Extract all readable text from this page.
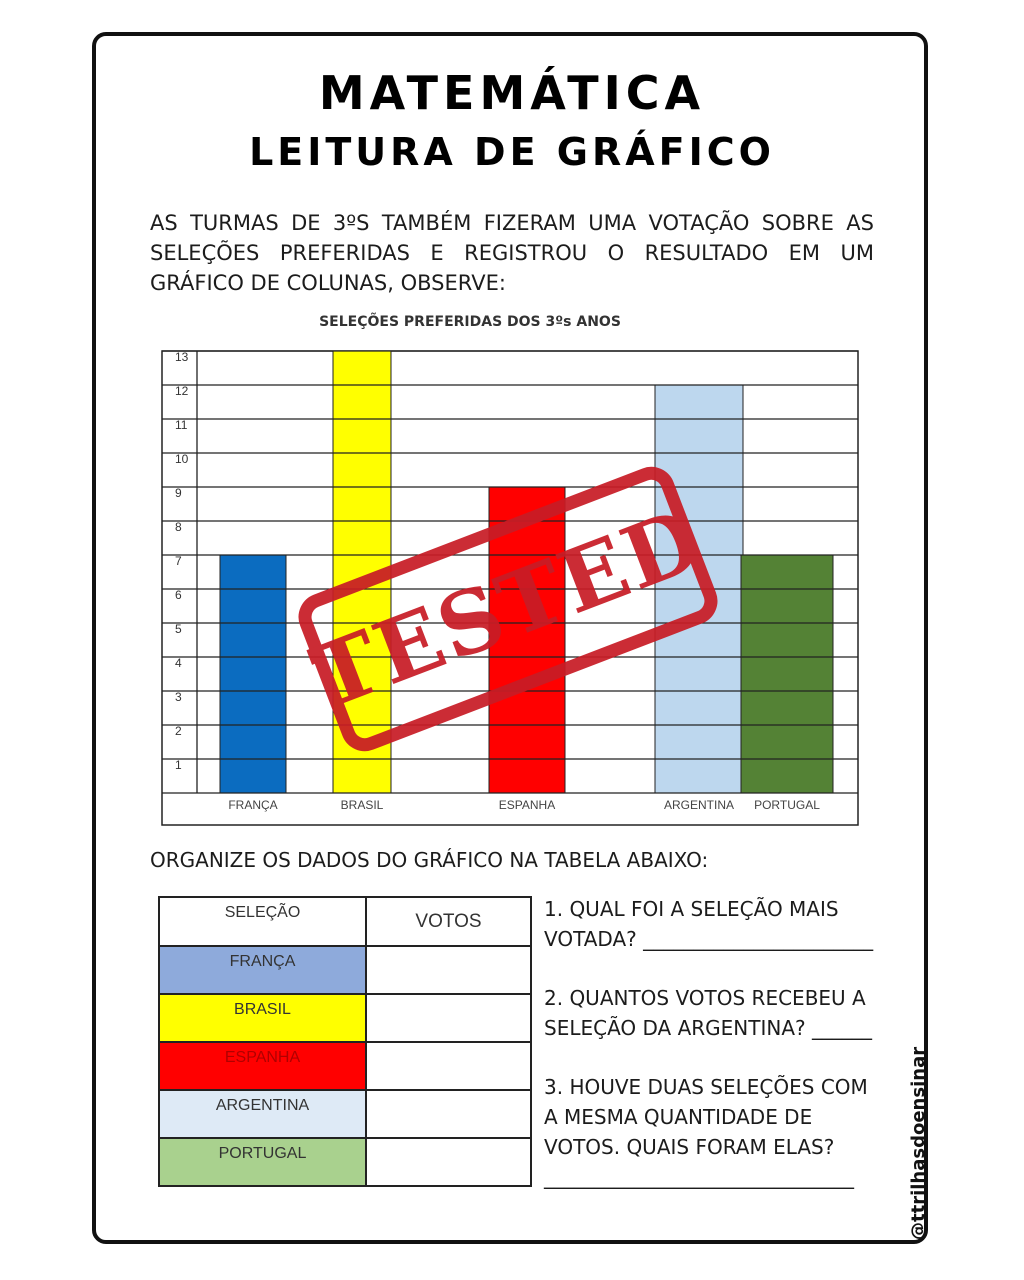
MATEMÁTICA
LEITURA DE GRÁFICO
AS TURMAS DE 3ºS TAMBÉM FIZERAM UMA VOTAÇÃO SOBRE AS SELEÇÕES PREFERIDAS E REGISTROU O RESULTADO EM UM GRÁFICO DE COLUNAS, OBSERVE:
SELEÇÕES PREFERIDAS DOS 3ºs ANOS
1
2
3
4
5
6
7
8
9
10
11
12
13
FRANÇA	BRASIL	ESPANHA	ARGENTINA PORTUGAL
TESTED
ORGANIZE OS DADOS DO GRÁFICO NA TABELA ABAIXO:
SELEÇÃO	VOTOS
FRANÇA	
BRASIL	
ESPANHA	
ARGENTINA	
PORTUGAL	

1. QUAL FOI A SELEÇÃO MAIS VOTADA? _______________________

2. QUANTOS VOTOS RECEBEU A SELEÇÃO DA ARGENTINA? ______

3. HOUVE DUAS SELEÇÕES COM A MESMA QUANTIDADE DE VOTOS. QUAIS FORAM ELAS? _______________________________	@ttrilhasdoensinar
